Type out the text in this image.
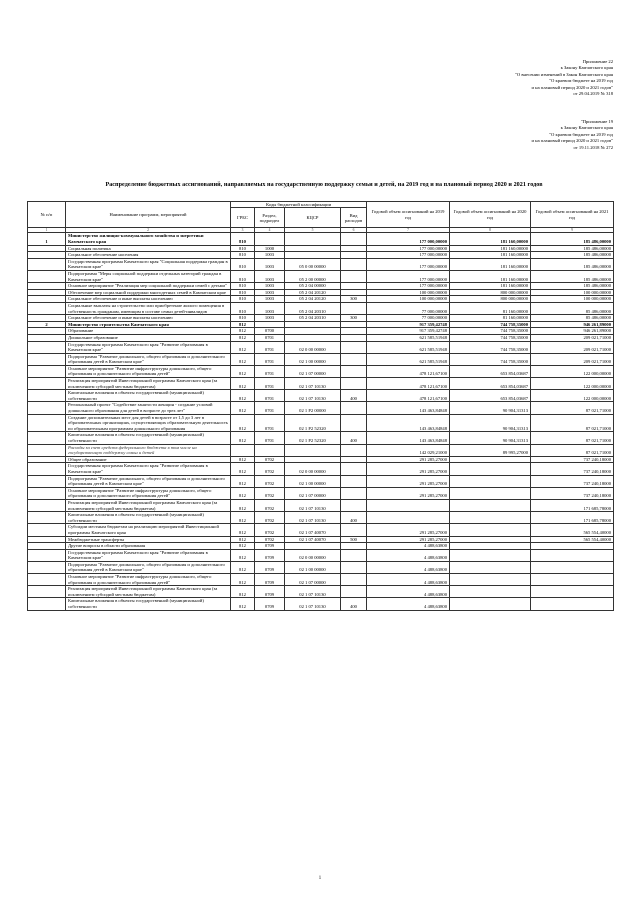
Приложение 22
к Закону Камчатского края
"О внесении изменений в Закон Камчатского края
"О краевом бюджете на 2019 год
и на плановый период 2020 и 2021 годов"
от 29.04.2019 № 318
"Приложение 19
к Закону Камчатского края
"О краевом бюджете на 2019 год
и на плановый период 2020 и 2021 годов"
от 19.11.2018 № 272
Распределение бюджетных ассигнований, направляемых на государственную поддержку семьи и детей, на 2019 год и на плановый период 2020 и 2021 годов
№ п/п	Наименование программ, мероприятий	Коды бюджетной классификации				Годовой объем ассигнований на 2019 год	Годовой объем ассигнований на 2020 год	Годовой объем ассигнований на 2021 год
		ГРБС	Раздел, подраздел	КЦСР	Вид расходов			
1	2	3	4	5	6	7	8	9
1	Министерство жилищно-коммунального хозяйства и энергетики Камчатского края	810				177 000,00000	181 160,00000	185 486,00000
	Социальная политика	810	1000			177 000,00000	181 160,00000	185 486,00000
	Социальное обеспечение населения	810	1003			177 000,00000	181 160,00000	185 486,00000
	Государственная программа Камчатского края "Социальная поддержка граждан в Камчатском крае"	810	1003	05 0 00 00000		177 000,00000	181 160,00000	185 486,00000
	Подпрограмма "Меры социальной поддержки отдельных категорий граждан в Камчатском крае"	810	1003	05 2 00 00000		177 000,00000	181 160,00000	185 486,00000
	Основное мероприятие "Реализация мер социальной поддержки семей с детьми"	810	1003	05 2 04 00000		177 000,00000	181 160,00000	185 486,00000
	Обеспечение мер социальной поддержки многодетных семей в Камчатском крае	810	1003	05 2 04 20120		100 000,00000	800 000,00000	100 000,00000
	Социальное обеспечение и иные выплаты населению	810	1003	05 2 04 20120	300	100 000,00000	800 000,00000	100 000,00000
	Социальные выплаты на строительство или приобретение жилого помещения в собственность гражданам, имеющим в составе семьи детей-инвалидов	810	1003	05 2 04 20310		77 000,00000	81 160,00000	85 486,00000
	Социальное обеспечение и иные выплаты населению	810	1003	05 2 04 20310	300	77 000,00000	81 160,00000	85 486,00000
2	Министерство строительства Камчатского края	812				917 359,42748	744 758,35000	946 261,89000
	Образование	812	0700			917 359,42748	744 758,35000	946 261,89000
	Дошкольное образование	812	0701			621 585,51948	744 758,35000	209 021,71000
	Государственная программа Камчатского края "Развитие образования в Камчатском крае"	812	0701	02 0 00 00000		621 585,51948	744 758,35000	209 021,71000
	Подпрограмма "Развитие дошкольного, общего образования и дополнительного образования детей в Камчатском крае"	812	0701	02 1 00 00000		621 585,51948	744 758,35000	209 021,71000
	Основное мероприятие "Развитие инфраструктуры дошкольного, общего образования и дополнительного образования детей"	812	0701	02 1 07 00000		478 121,67100	653 854,03687	122 000,00000
	Реализация мероприятий Инвестиционной программы Камчатского края (за исключением субсидий местным бюджетам)	812	0701	02 1 07 10130		478 121,67100	653 854,03687	122 000,00000
	Капитальные вложения в объекты государственной (муниципальной) собственности	812	0701	02 1 07 10130	400	478 121,67100	653 854,03687	122 000,00000
	Региональный проект "Содействие занятости женщин - создание условий дошкольного образования для детей в возрасте до трех лет"	812	0701	02 1 P2 00000		143 463,84848	90 904,31313	87 021,71000
	Создание дополнительных мест для детей в возрасте от 1,5 до 3 лет в образовательных организациях, осуществляющих образовательную деятельность по образовательным программам дошкольного образования	812	0701	02 1 P2 52320		143 463,84848	90 904,31313	87 021,71000
	Капитальные вложения в объекты государственной (муниципальной) собственности	812	0701	02 1 P2 52320	400	143 463,84848	90 904,31313	87 021,71000
	Расходы за счет средств федерального бюджета в том числе на государственную поддержку семьи и детей					142 029,21000	89 995,27000	87 021,71000
	Общее образование	812	0702			291 285,27000		737 240,18000
	Государственная программа Камчатского края "Развитие образования в Камчатском крае"	812	0702	02 0 00 00000		291 285,27000		737 240,18000
	Подпрограмма "Развитие дошкольного, общего образования и дополнительного образования детей в Камчатском крае"	812	0702	02 1 00 00000		291 285,27000		737 240,18000
	Основное мероприятие "Развитие инфраструктуры дошкольного, общего образования и дополнительного образования детей"	812	0702	02 1 07 00000		291 285,27000		737 240,18000
	Реализация мероприятий Инвестиционной программы Камчатского края (за исключением субсидий местным бюджетам)	812	0702	02 1 07 10130				171 685,78000
	Капитальные вложения в объекты государственной (муниципальной) собственности	812	0702	02 1 07 10130	400			171 685,78000
	Субсидии местным бюджетам на реализацию мероприятий Инвестиционной программы Камчатского края	812	0702	02 1 07 40070		291 285,27000		565 554,40000
	Межбюджетные трансферты	812	0702	02 1 07 40070	500	291 285,27000		565 554,40000
	Другие вопросы в области образования	812	0709			4 488,63800		
	Государственная программа Камчатского края "Развитие образования в Камчатском крае"	812	0709	02 0 00 00000		4 488,63800		
	Подпрограмма "Развитие дошкольного, общего образования и дополнительного образования детей в Камчатском крае"	812	0709	02 1 00 00000		4 488,63800		
	Основное мероприятие "Развитие инфраструктуры дошкольного, общего образования и дополнительного образования детей"	812	0709	02 1 07 00000		4 488,63800		
	Реализация мероприятий Инвестиционной программы Камчатского края (за исключением субсидий местным бюджетам)	812	0709	02 1 07 10130		4 488,63800		
	Капитальные вложения в объекты государственной (муниципальной) собственности	812	0709	02 1 07 10130	400	4 488,63800		
1
